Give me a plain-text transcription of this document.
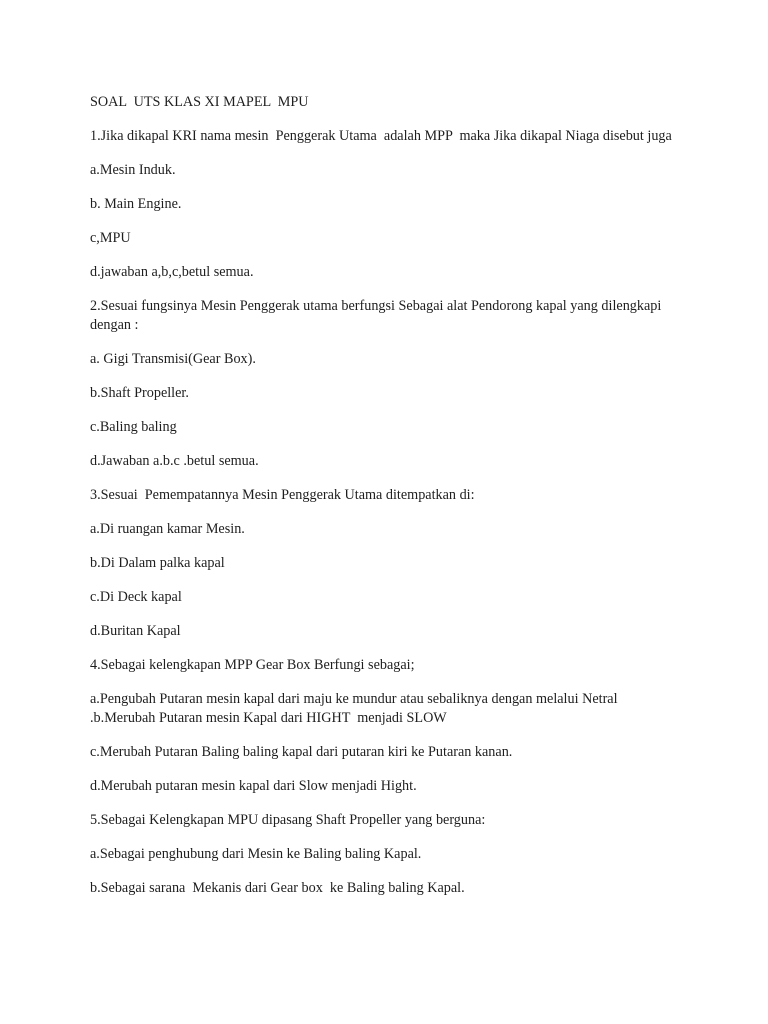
SOAL  UTS KLAS XI MAPEL  MPU

1.Jika dikapal KRI nama mesin  Penggerak Utama  adalah MPP  maka Jika dikapal Niaga disebut juga

a.Mesin Induk.

b. Main Engine.

c,MPU

d.jawaban a,b,c,betul semua.

2.Sesuai fungsinya Mesin Penggerak utama berfungsi Sebagai alat Pendorong kapal yang dilengkapi dengan :

a. Gigi Transmisi(Gear Box).

b.Shaft Propeller.

c.Baling baling

d.Jawaban a.b.c .betul semua.

3.Sesuai  Pemempatannya Mesin Penggerak Utama ditempatkan di:

a.Di ruangan kamar Mesin.

b.Di Dalam palka kapal

c.Di Deck kapal

d.Buritan Kapal

4.Sebagai kelengkapan MPP Gear Box Berfungi sebagai;

a.Pengubah Putaran mesin kapal dari maju ke mundur atau sebaliknya dengan melalui Netral .b.Merubah Putaran mesin Kapal dari HIGHT  menjadi SLOW

c.Merubah Putaran Baling baling kapal dari putaran kiri ke Putaran kanan.

d.Merubah putaran mesin kapal dari Slow menjadi Hight.

5.Sebagai Kelengkapan MPU dipasang Shaft Propeller yang berguna:

a.Sebagai penghubung dari Mesin ke Baling baling Kapal.

b.Sebagai sarana  Mekanis dari Gear box  ke Baling baling Kapal.
